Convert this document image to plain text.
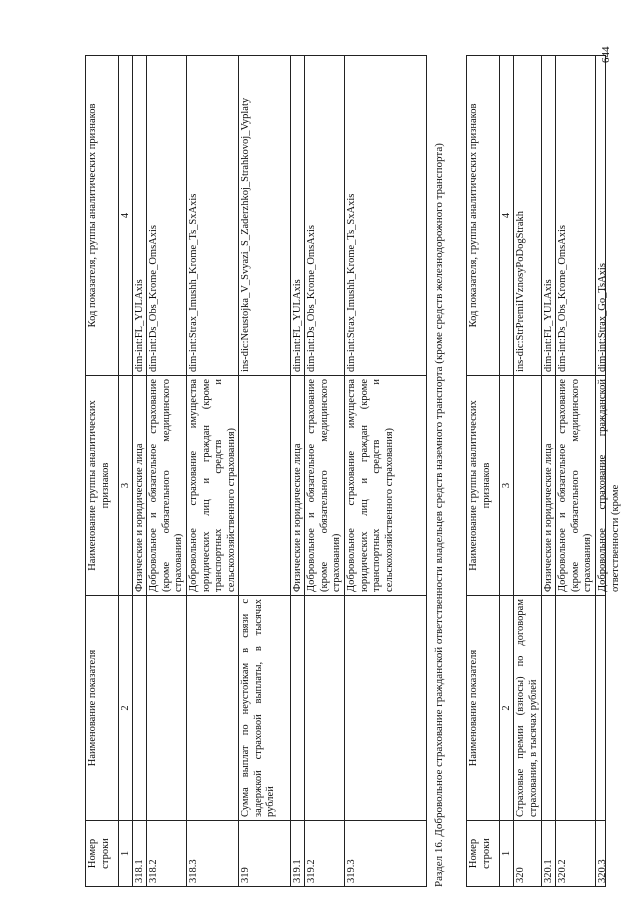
Номер строки
Наименование показателя
Наименование группы аналитических признаков
Код показателя, группы аналитических признаков
1
2
3
4
318.1
Физические и юридические лица
dim-int:FL_YULAxis
318.2
Добровольное и обязательное страхование (кроме обязательного медицинского страхования)
dim-int:Ds_Obs_Krome_OmsAxis
318.3
Добровольное страхование имущества юридических лиц и граждан (кроме транспортных средств и сельскохозяйственного страхования)
dim-int:Strax_Imushh_Krome_Ts_SxAxis
319
Сумма выплат по неустойкам в связи с задержкой страховой выплаты, в тысячах рублей
ins-dic:Neustojka_V_Svyazi_S_Zaderzhkoj_Strahkovoj_Vyplaty
319.1
Физические и юридические лица
dim-int:FL_YULAxis
319.2
Добровольное и обязательное страхование (кроме обязательного медицинского страхования)
dim-int:Ds_Obs_Krome_OmsAxis
319.3
Добровольное страхование имущества юридических лиц и граждан (кроме транспортных средств и сельскохозяйственного страхования)
dim-int:Strax_Imushh_Krome_Ts_SxAxis	Раздел 16. Добровольное страхование гражданской ответственности владельцев средств наземного транспорта (кроме средств железнодорожного транспорта) Номер строки
Наименование показателя
Наименование группы аналитических признаков
Код показателя, группы аналитических признаков
1
2
3
4
320
Страховые премии (взносы) по договорам страхования, в тысячах рублей
ins-dic:StrPremiIVznosyPoDogStrakh
320.1
Физические и юридические лица
dim-int:FL_YULAxis
320.2
Добровольное и обязательное страхование (кроме обязательного медицинского страхования)
dim-int:Ds_Obs_Krome_OmsAxis
320.3
Добровольное страхование гражданской ответственности (кроме
dim-int:Strax_Go_TsAxis
644
